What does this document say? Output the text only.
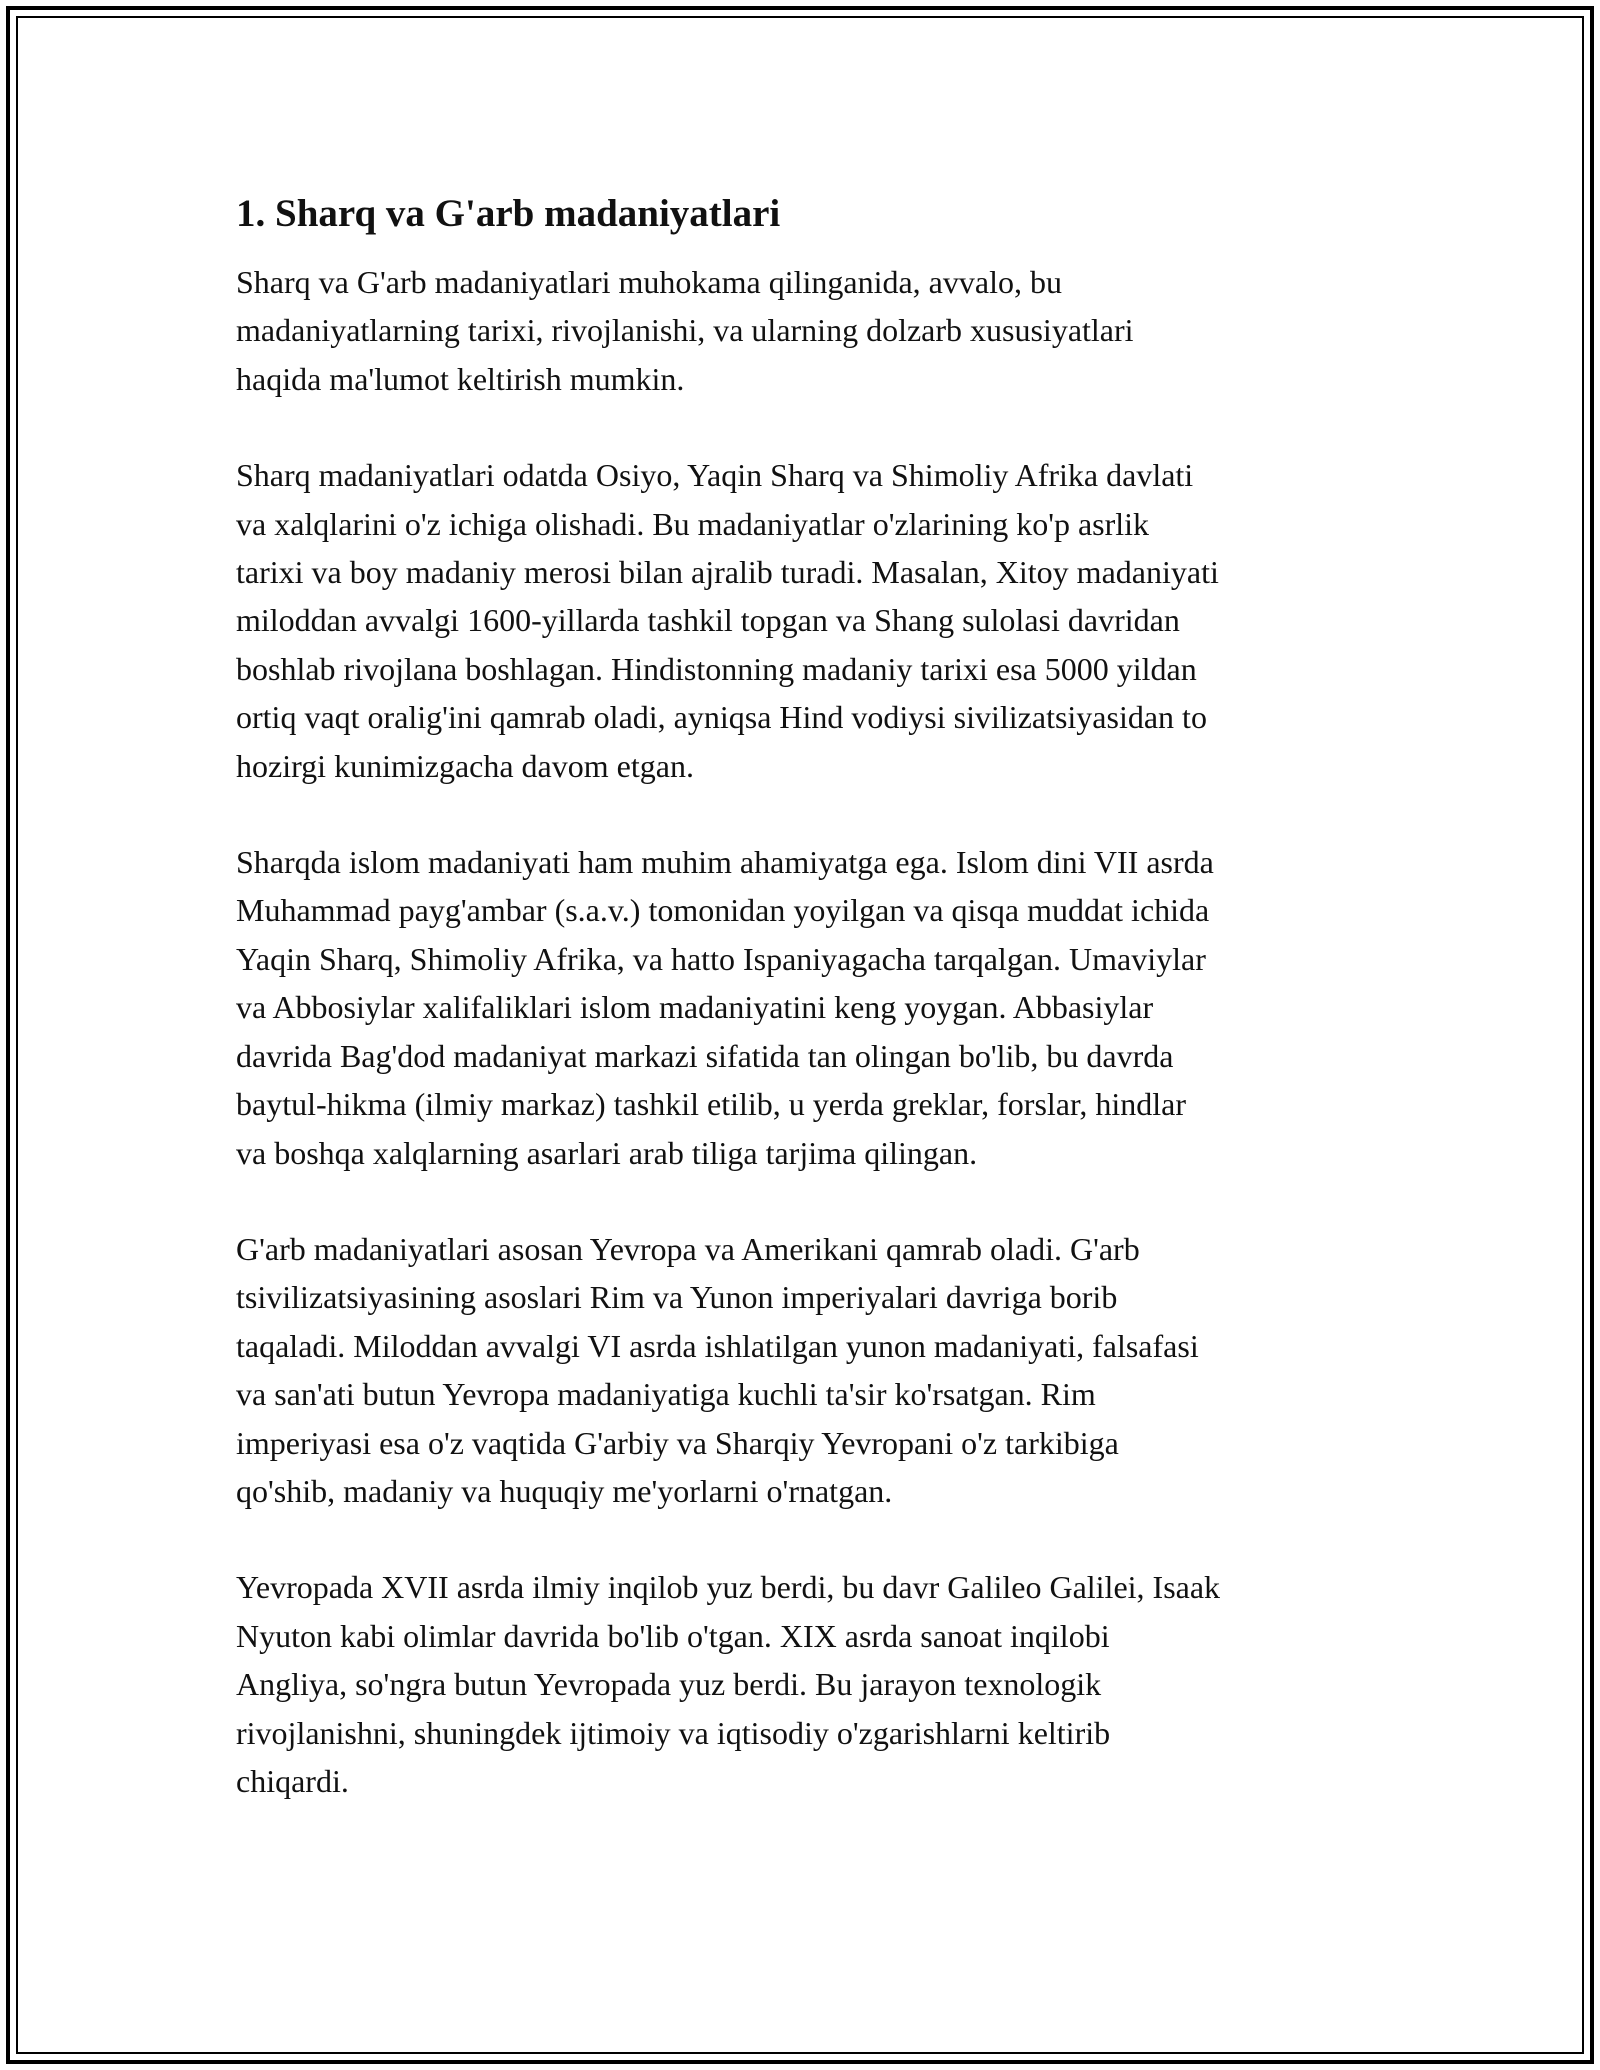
1. Sharq va G'arb madaniyatlari

Sharq va G'arb madaniyatlari muhokama qilinganida, avvalo, bu
madaniyatlarning tarixi, rivojlanishi, va ularning dolzarb xususiyatlari
haqida ma'lumot keltirish mumkin.

Sharq madaniyatlari odatda Osiyo, Yaqin Sharq va Shimoliy Afrika davlati
va xalqlarini o'z ichiga olishadi. Bu madaniyatlar o'zlarining ko'p asrlik
tarixi va boy madaniy merosi bilan ajralib turadi. Masalan, Xitoy madaniyati
miloddan avvalgi 1600-yillarda tashkil topgan va Shang sulolasi davridan
boshlab rivojlana boshlagan. Hindistonning madaniy tarixi esa 5000 yildan
ortiq vaqt oralig'ini qamrab oladi, ayniqsa Hind vodiysi sivilizatsiyasidan to
hozirgi kunimizgacha davom etgan.

Sharqda islom madaniyati ham muhim ahamiyatga ega. Islom dini VII asrda
Muhammad payg'ambar (s.a.v.) tomonidan yoyilgan va qisqa muddat ichida
Yaqin Sharq, Shimoliy Afrika, va hatto Ispaniyagacha tarqalgan. Umaviylar
va Abbosiylar xalifaliklari islom madaniyatini keng yoygan. Abbasiylar
davrida Bag'dod madaniyat markazi sifatida tan olingan bo'lib, bu davrda
baytul-hikma (ilmiy markaz) tashkil etilib, u yerda greklar, forslar, hindlar
va boshqa xalqlarning asarlari arab tiliga tarjima qilingan.

G'arb madaniyatlari asosan Yevropa va Amerikani qamrab oladi. G'arb
tsivilizatsiyasining asoslari Rim va Yunon imperiyalari davriga borib
taqaladi. Miloddan avvalgi VI asrda ishlatilgan yunon madaniyati, falsafasi
va san'ati butun Yevropa madaniyatiga kuchli ta'sir ko'rsatgan. Rim
imperiyasi esa o'z vaqtida G'arbiy va Sharqiy Yevropani o'z tarkibiga
qo'shib, madaniy va huquqiy me'yorlarni o'rnatgan.

Yevropada XVII asrda ilmiy inqilob yuz berdi, bu davr Galileo Galilei, Isaak
Nyuton kabi olimlar davrida bo'lib o'tgan. XIX asrda sanoat inqilobi
Angliya, so'ngra butun Yevropada yuz berdi. Bu jarayon texnologik
rivojlanishni, shuningdek ijtimoiy va iqtisodiy o'zgarishlarni keltirib
chiqardi.
